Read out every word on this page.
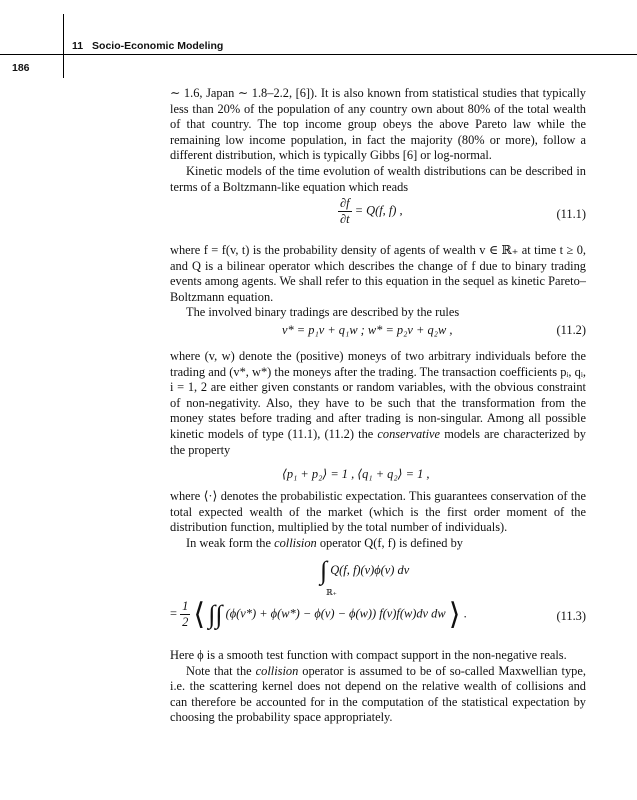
11 Socio-Economic Modeling
186

∼ 1.6, Japan ∼ 1.8–2.2, [6]). It is also known from statistical studies that typically less than 20% of the population of any country own about 80% of the total wealth of that country. The top income group obeys the above Pareto law while the remaining low income population, in fact the majority (80% or more), follow a different distribution, which is typically Gibbs [6] or log-normal.

Kinetic models of the time evolution of wealth distributions can be described in terms of a Boltzmann-like equation which reads

$\frac{\partial f}{\partial t} = Q(f$, f) ,	(11.1)

where f = f(v, t) is the probability density of agents of wealth v ∈ ℝ₊ at time t ≥ 0, and Q is a bilinear operator which describes the change of f due to binary trading events among agents. We shall refer to this equation in the sequel as kinetic Pareto–Boltzmann equation.

The involved binary tradings are described by the rules

v* = p₁v + q₁w ; w* = p₂v + q₂w ,	(11.2)

where (v, w) denote the (positive) moneys of two arbitrary individuals before the trading and (v*, w*) the moneys after the trading. The transaction coefficients pᵢ, qᵢ, i = 1, 2 are either given constants or random variables, with the obvious constraint of non-negativity. Also, they have to be such that the transformation from the money states before trading and after trading is non-singular. Among all possible kinetic models of type (11.1), (11.2) the conservative models are characterized by the property

⟨p₁ + p₂⟩ = 1 , ⟨q₁ + q₂⟩ = 1 ,

where ⟨·⟩ denotes the probabilistic expectation. This guarantees conservation of the total expected wealth of the market (which is the first order moment of the distribution function, multiplied by the total number of individuals).

In weak form the collision operator Q(f, f) is defined by

∫ Q(f, f)(v)ϕ(v) dv
ℝ₊
= $\frac{1}{2}$ ⟨ ∫∫ (ϕ(v*) + ϕ(w*) − ϕ(v) − ϕ(w)) f(v)f(w)dv dw ⟩ .	(11.3)

Here ϕ is a smooth test function with compact support in the non-negative reals.

Note that the collision operator is assumed to be of so-called Maxwellian type, i.e. the scattering kernel does not depend on the relative wealth of collisions and can therefore be accounted for in the computation of the statistical expectation by choosing the probability space appropriately.
